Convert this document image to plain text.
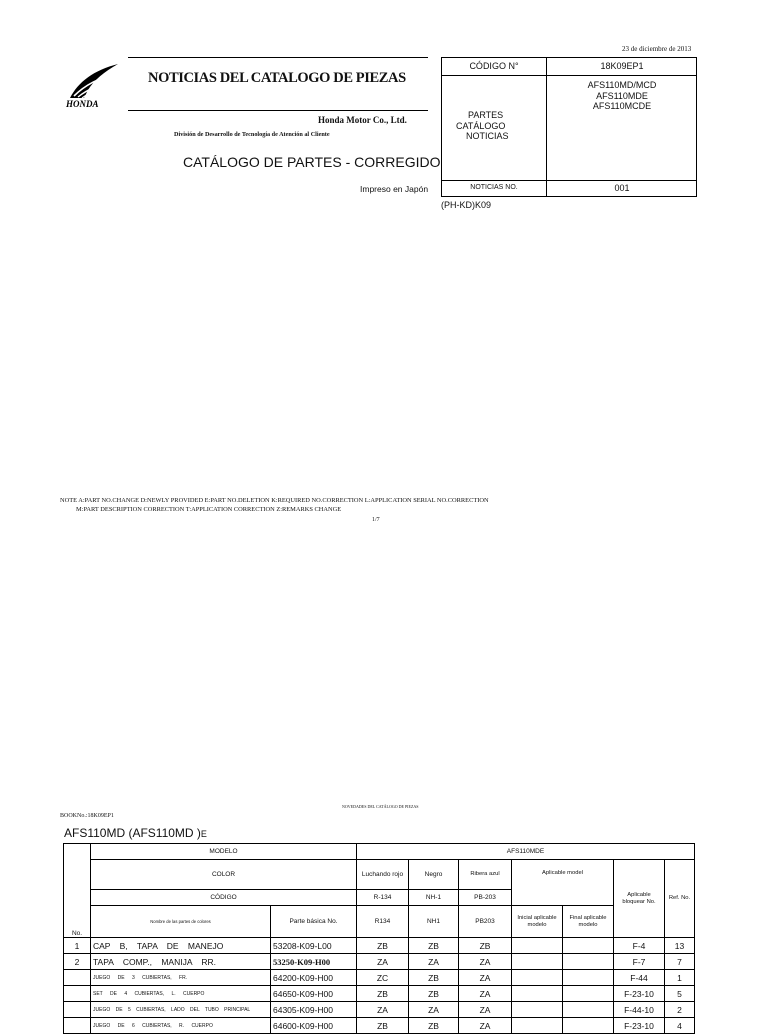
23 de diciembre de 2013
HONDA
NOTICIAS DEL CATALOGO DE PIEZAS
Honda Motor Co., Ltd.
División de Desarrollo de Tecnología de Atención al Cliente
CATÁLOGO DE PARTES - CORREGIDO
Impreso en Japón
CÓDIGO N°	18K09EP1
AFS110MD/MCD
AFS110MDE
AFS110MCDE
PARTES
CATÁLOGO
NOTICIAS
NOTICIAS NO.	001
(PH-KD)K09
NOTE A:PART NO.CHANGE D:NEWLY PROVIDED E:PART NO.DELETION K:REQUIRED NO.CORRECTION L:APPLICATION SERIAL NO.CORRECTION
M:PART DESCRIPTION CORRECTION T:APPLICATION CORRECTION Z:REMARKS CHANGE
1/7
NOVEDADES DEL CATÁLOGO DE PIEZAS
BOOKNo.:18K09EP1
AFS110MD (AFS110MD )E
No.	MODELO		AFS110MDE						
	COLOR		Luchando rojo	Negro	Ribera azul	Aplicable model		Aplicable bloquear No.	Ref. No.
	CÓDIGO		R-134	NH-1	PB-203				
	Nombre de las partes de colores	Parte básica No.	R134	NH1	PB203	Inicial aplicable modelo	Final aplicable modelo		
1	CAP B, TAPA DE MANEJO	53208-K09-L00	ZB	ZB	ZB			F-4	13
2	TAPA COMP., MANIJA RR.	53250-K09-H00	ZA	ZA	ZA			F-7	7
	JUEGO DE 3 CUBIERTAS, FR.	64200-K09-H00	ZC	ZB	ZA			F-44	1
	SET DE 4 CUBIERTAS, L. CUERPO	64650-K09-H00	ZB	ZB	ZA			F-23-10	5
	JUEGO DE 5 CUBIERTAS, LADO DEL TUBO PRINCIPAL	64305-K09-H00	ZA	ZA	ZA			F-44-10	2
	JUEGO DE 6 CUBIERTAS, R. CUERPO	64600-K09-H00	ZB	ZB	ZA			F-23-10	4
